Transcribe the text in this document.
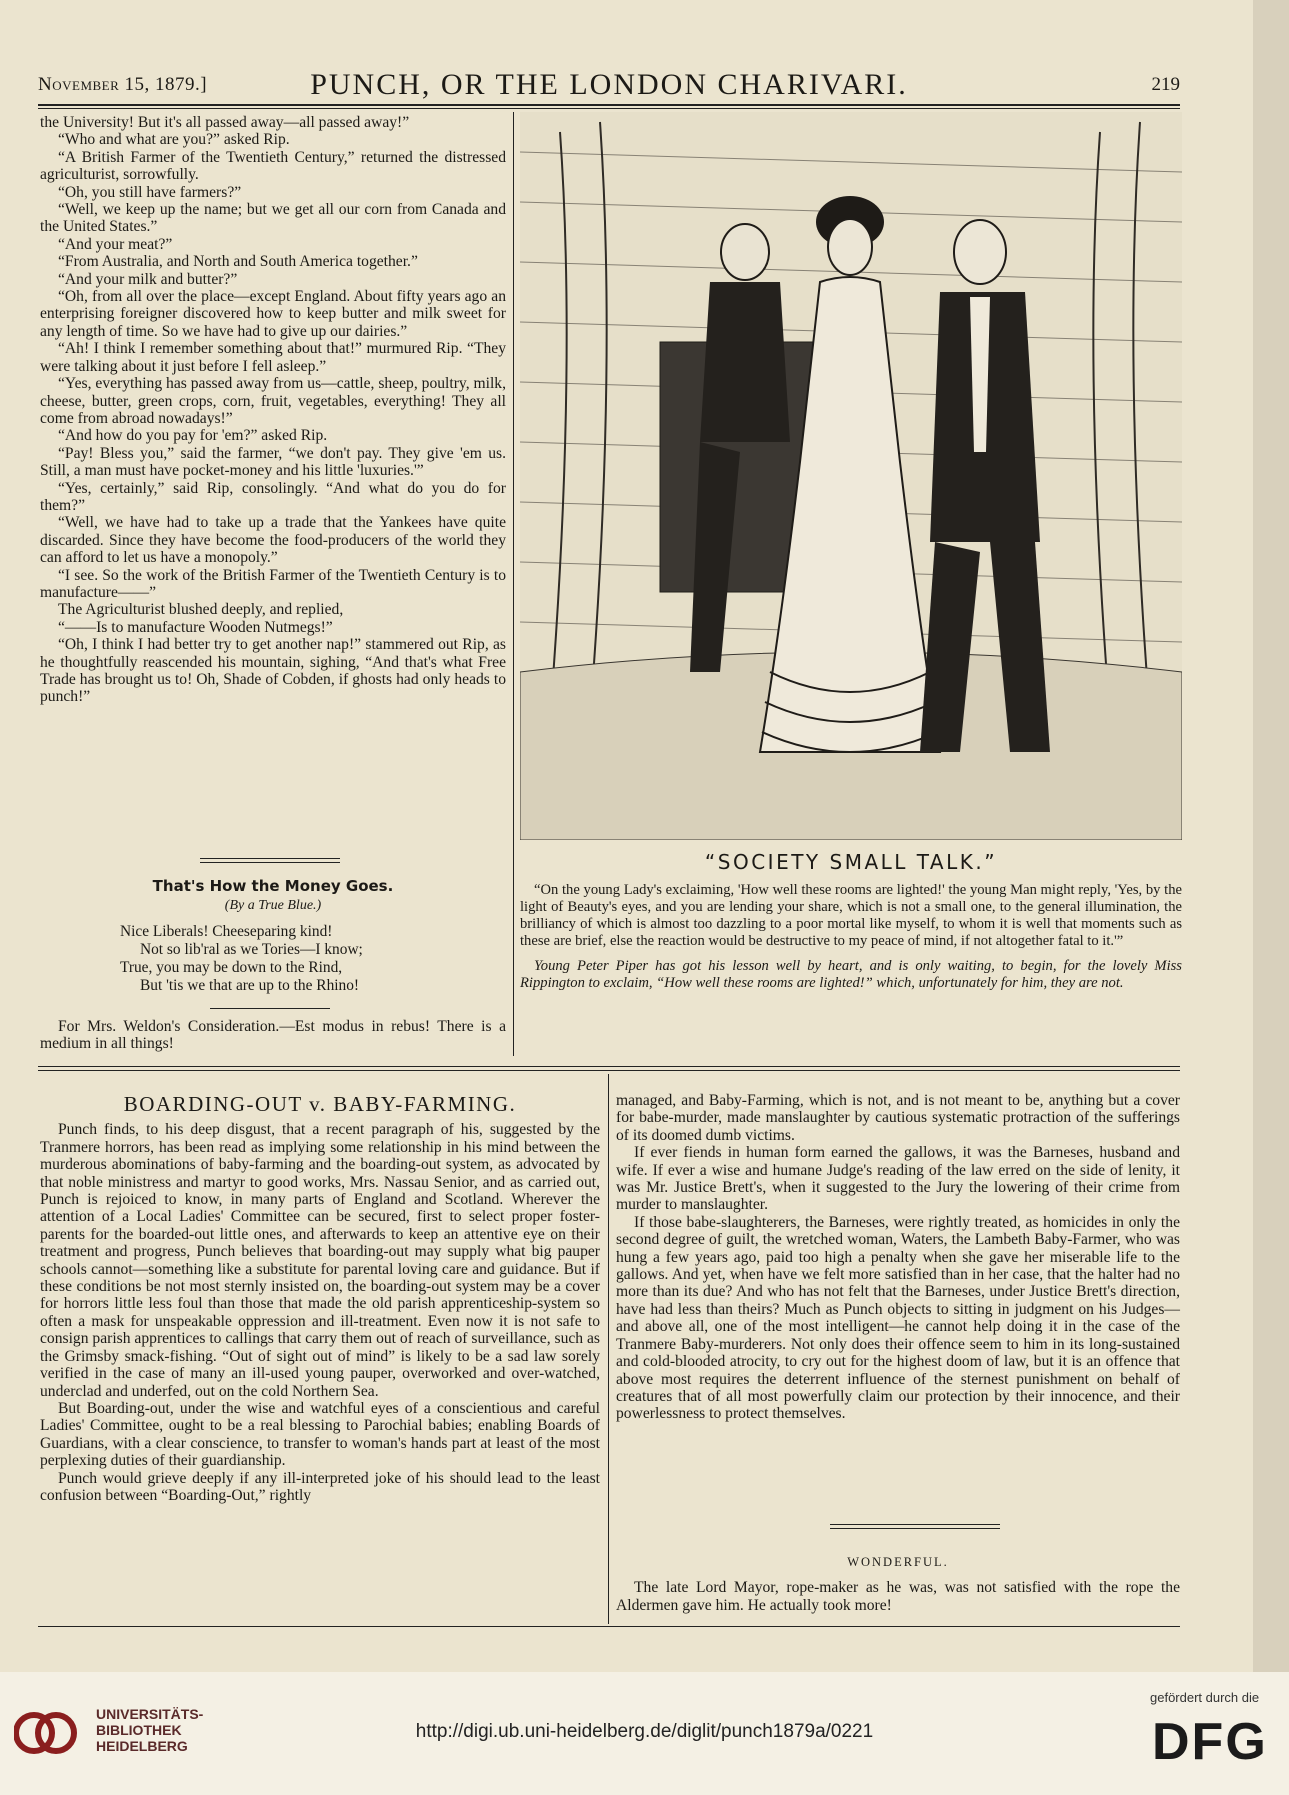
November 15, 1879.]	PUNCH, OR THE LONDON CHARIVARI.	219

the University! But it's all passed away—all passed away!”

“Who and what are you?” asked Rip.

“A British Farmer of the Twentieth Century,” returned the distressed agriculturist, sorrowfully.

“Oh, you still have farmers?”

“Well, we keep up the name; but we get all our corn from Canada and the United States.”

“And your meat?”

“From Australia, and North and South America together.”

“And your milk and butter?”

“Oh, from all over the place—except England. About fifty years ago an enterprising foreigner discovered how to keep butter and milk sweet for any length of time. So we have had to give up our dairies.”

“Ah! I think I remember something about that!” murmured Rip. “They were talking about it just before I fell asleep.”

“Yes, everything has passed away from us—cattle, sheep, poultry, milk, cheese, butter, green crops, corn, fruit, vegetables, everything! They all come from abroad nowadays!”

“And how do you pay for 'em?” asked Rip.

“Pay! Bless you,” said the farmer, “we don't pay. They give 'em us. Still, a man must have pocket-money and his little 'luxuries.'”

“Yes, certainly,” said Rip, consolingly. “And what do you do for them?”

“Well, we have had to take up a trade that the Yankees have quite discarded. Since they have become the food-producers of the world they can afford to let us have a monopoly.”

“I see. So the work of the British Farmer of the Twentieth Century is to manufacture——”

The Agriculturist blushed deeply, and replied,

“——Is to manufacture Wooden Nutmegs!”

“Oh, I think I had better try to get another nap!” stammered out Rip, as he thoughtfully reascended his mountain, sighing, “And that's what Free Trade has brought us to! Oh, Shade of Cobden, if ghosts had only heads to punch!”

That's How the Money Goes.
(By a True Blue.)
Nice Liberals! Cheeseparing kind!
Not so lib'ral as we Tories—I know;
True, you may be down to the Rind,
But 'tis we that are up to the Rhino!

For Mrs. Weldon's Consideration.—Est modus in rebus! There is a medium in all things!

“SOCIETY SMALL TALK.”

“On the young Lady's exclaiming, 'How well these rooms are lighted!' the young Man might reply, 'Yes, by the light of Beauty's eyes, and you are lending your share, which is not a small one, to the general illumination, the brilliancy of which is almost too dazzling to a poor mortal like myself, to whom it is well that moments such as these are brief, else the reaction would be destructive to my peace of mind, if not altogether fatal to it.'”

Young Peter Piper has got his lesson well by heart, and is only waiting, to begin, for the lovely Miss Rippington to exclaim, “How well these rooms are lighted!” which, unfortunately for him, they are not.

BOARDING-OUT v. BABY-FARMING.

Punch finds, to his deep disgust, that a recent paragraph of his, suggested by the Tranmere horrors, has been read as implying some relationship in his mind between the murderous abominations of baby-farming and the boarding-out system, as advocated by that noble ministress and martyr to good works, Mrs. Nassau Senior, and as carried out, Punch is rejoiced to know, in many parts of England and Scotland. Wherever the attention of a Local Ladies' Committee can be secured, first to select proper foster-parents for the boarded-out little ones, and afterwards to keep an attentive eye on their treatment and progress, Punch believes that boarding-out may supply what big pauper schools cannot—something like a substitute for parental loving care and guidance. But if these conditions be not most sternly insisted on, the boarding-out system may be a cover for horrors little less foul than those that made the old parish apprenticeship-system so often a mask for unspeakable oppression and ill-treatment. Even now it is not safe to consign parish apprentices to callings that carry them out of reach of surveillance, such as the Grimsby smack-fishing. “Out of sight out of mind” is likely to be a sad law sorely verified in the case of many an ill-used young pauper, overworked and over-watched, underclad and underfed, out on the cold Northern Sea.

But Boarding-out, under the wise and watchful eyes of a conscientious and careful Ladies' Committee, ought to be a real blessing to Parochial babies; enabling Boards of Guardians, with a clear conscience, to transfer to woman's hands part at least of the most perplexing duties of their guardianship.

Punch would grieve deeply if any ill-interpreted joke of his should lead to the least confusion between “Boarding-Out,” rightly

managed, and Baby-Farming, which is not, and is not meant to be, anything but a cover for babe-murder, made manslaughter by cautious systematic protraction of the sufferings of its doomed dumb victims.

If ever fiends in human form earned the gallows, it was the Barneses, husband and wife. If ever a wise and humane Judge's reading of the law erred on the side of lenity, it was Mr. Justice Brett's, when it suggested to the Jury the lowering of their crime from murder to manslaughter.

If those babe-slaughterers, the Barneses, were rightly treated, as homicides in only the second degree of guilt, the wretched woman, Waters, the Lambeth Baby-Farmer, who was hung a few years ago, paid too high a penalty when she gave her miserable life to the gallows. And yet, when have we felt more satisfied than in her case, that the halter had no more than its due? And who has not felt that the Barneses, under Justice Brett's direction, have had less than theirs? Much as Punch objects to sitting in judgment on his Judges—and above all, one of the most intelligent—he cannot help doing it in the case of the Tranmere Baby-murderers. Not only does their offence seem to him in its long-sustained and cold-blooded atrocity, to cry out for the highest doom of law, but it is an offence that above most requires the deterrent influence of the sternest punishment on behalf of creatures that of all most powerfully claim our protection by their innocence, and their powerlessness to protect themselves.

WONDERFUL.

The late Lord Mayor, rope-maker as he was, was not satisfied with the rope the Aldermen gave him. He actually took more!

UNIVERSITÄTS-
BIBLIOTHEK
HEIDELBERG
http://digi.ub.uni-heidelberg.de/diglit/punch1879a/0221
gefördert durch die
DFG
